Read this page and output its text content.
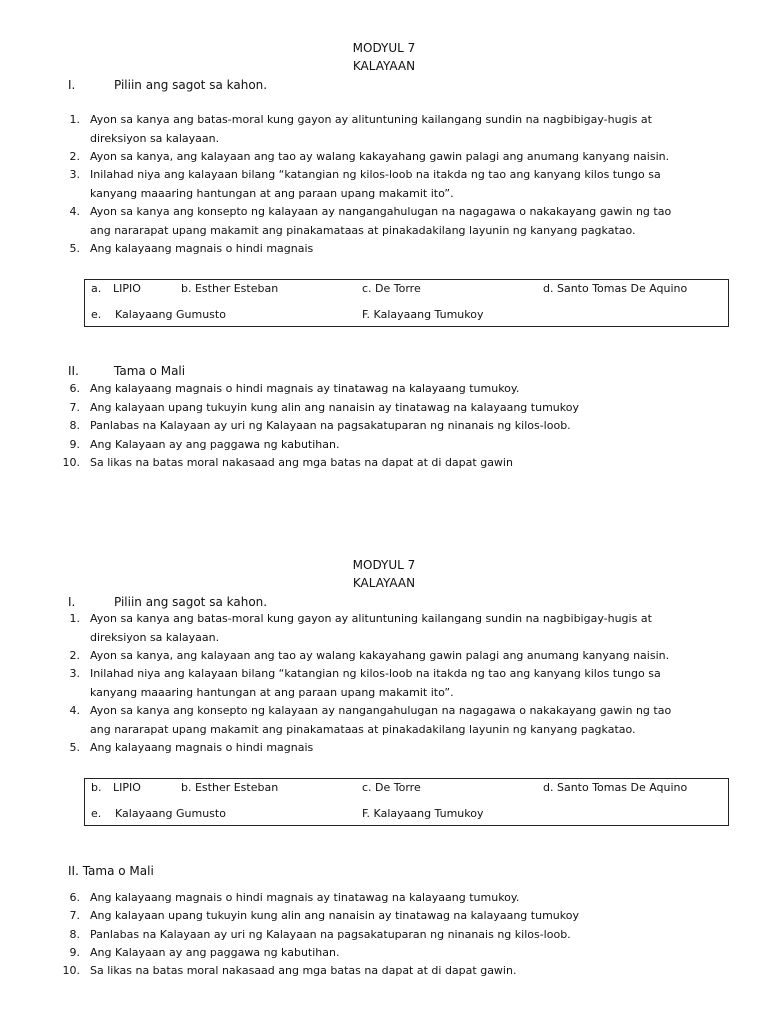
MODYUL 7
KALAYAAN
I.	Piliin ang sagot sa kahon.
1. Ayon sa kanya ang batas-moral kung gayon ay alituntuning kailangang sundin na nagbibigay-hugis at
direksiyon sa kalayaan.
2. Ayon sa kanya, ang kalayaan ang tao ay walang kakayahang gawin palagi ang anumang kanyang naisin.
3. Inilahad niya ang kalayaan bilang “katangian ng kilos-loob na itakda ng tao ang kanyang kilos tungo sa
kanyang maaaring hantungan at ang paraan upang makamit ito”.
4. Ayon sa kanya ang konsepto ng kalayaan ay nangangahulugan na nagagawa o nakakayang gawin ng tao
ang nararapat upang makamit ang pinakamataas at pinakadakilang layunin ng kanyang pagkatao.
5. Ang kalayaang magnais o hindi magnais
a. LIPIO	b. Esther Esteban	c. De Torre	d. Santo Tomas De Aquino
e. Kalayaang Gumusto	F. Kalayaang Tumukoy
II.	Tama o Mali
6. Ang kalayaang magnais o hindi magnais ay tinatawag na kalayaang tumukoy.
7. Ang kalayaan upang tukuyin kung alin ang nanaisin ay tinatawag na kalayaang tumukoy
8. Panlabas na Kalayaan ay uri ng Kalayaan na pagsakatuparan ng ninanais ng kilos-loob.
9. Ang Kalayaan ay ang paggawa ng kabutihan.
10. Sa likas na batas moral nakasaad ang mga batas na dapat at di dapat gawin
MODYUL 7
KALAYAAN
I.	Piliin ang sagot sa kahon.
1. Ayon sa kanya ang batas-moral kung gayon ay alituntuning kailangang sundin na nagbibigay-hugis at
direksiyon sa kalayaan.
2. Ayon sa kanya, ang kalayaan ang tao ay walang kakayahang gawin palagi ang anumang kanyang naisin.
3. Inilahad niya ang kalayaan bilang “katangian ng kilos-loob na itakda ng tao ang kanyang kilos tungo sa
kanyang maaaring hantungan at ang paraan upang makamit ito”.
4. Ayon sa kanya ang konsepto ng kalayaan ay nangangahulugan na nagagawa o nakakayang gawin ng tao
ang nararapat upang makamit ang pinakamataas at pinakadakilang layunin ng kanyang pagkatao.
5. Ang kalayaang magnais o hindi magnais
b. LIPIO	b. Esther Esteban	c. De Torre	d. Santo Tomas De Aquino
e. Kalayaang Gumusto	F. Kalayaang Tumukoy
II. Tama o Mali
6. Ang kalayaang magnais o hindi magnais ay tinatawag na kalayaang tumukoy.
7. Ang kalayaan upang tukuyin kung alin ang nanaisin ay tinatawag na kalayaang tumukoy
8. Panlabas na Kalayaan ay uri ng Kalayaan na pagsakatuparan ng ninanais ng kilos-loob.
9. Ang Kalayaan ay ang paggawa ng kabutihan.
10. Sa likas na batas moral nakasaad ang mga batas na dapat at di dapat gawin.
